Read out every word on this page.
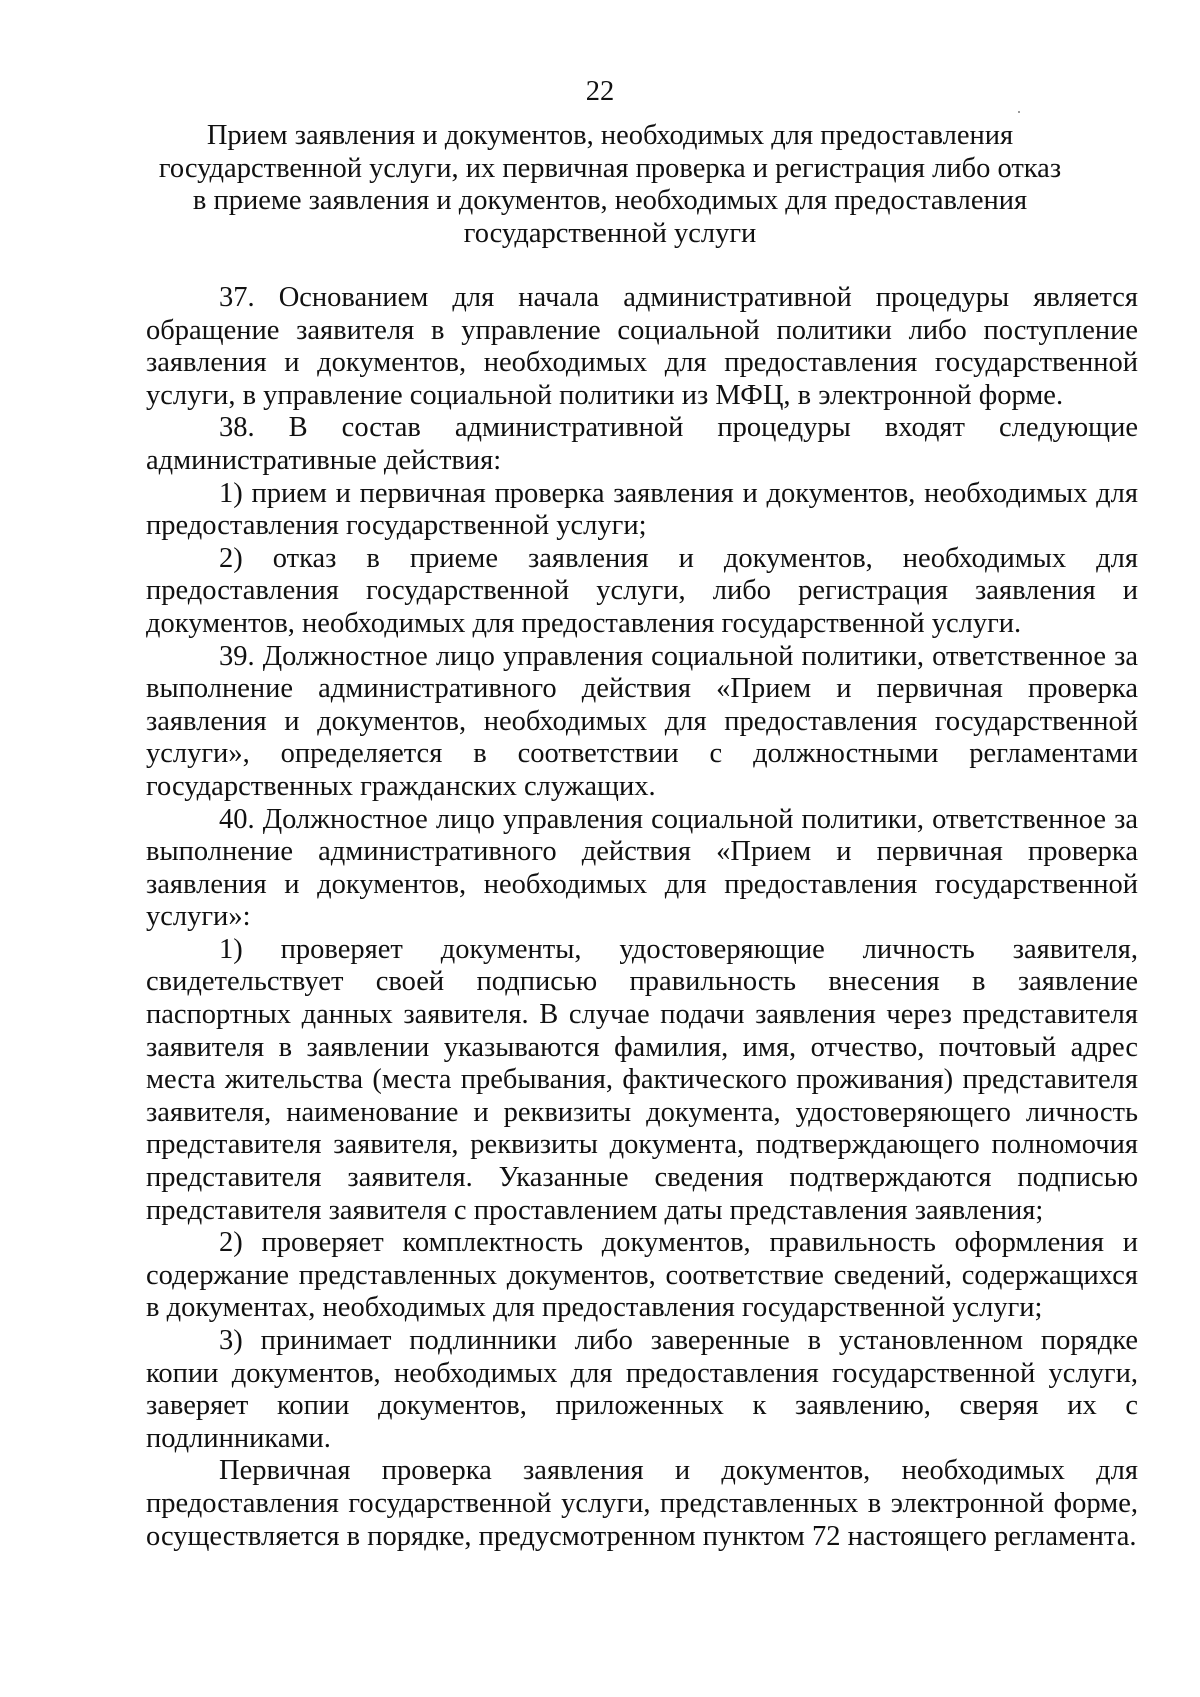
22
Прием заявления и документов, необходимых для предоставления
государственной услуги, их первичная проверка и регистрация либо отказ
в приеме заявления и документов, необходимых для предоставления
государственной услуги

37. Основанием для начала административной процедуры является обращение заявителя в управление социальной политики либо поступление заявления и документов, необходимых для предоставления государственной услуги, в управление социальной политики из МФЦ, в электронной форме.

38. В состав административной процедуры входят следующие административные действия:

1) прием и первичная проверка заявления и документов, необходимых для предоставления государственной услуги;

2) отказ в приеме заявления и документов, необходимых для предоставления государственной услуги, либо регистрация заявления и документов, необходимых для предоставления государственной услуги.

39. Должностное лицо управления социальной политики, ответственное за выполнение административного действия «Прием и первичная проверка заявления и документов, необходимых для предоставления государственной услуги», определяется в соответствии с должностными регламентами государственных гражданских служащих.

40. Должностное лицо управления социальной политики, ответственное за выполнение административного действия «Прием и первичная проверка заявления и документов, необходимых для предоставления государственной услуги»:

1) проверяет документы, удостоверяющие личность заявителя, свидетельствует своей подписью правильность внесения в заявление паспортных данных заявителя. В случае подачи заявления через представителя заявителя в заявлении указываются фамилия, имя, отчество, почтовый адрес места жительства (места пребывания, фактического проживания) представителя заявителя, наименование и реквизиты документа, удостоверяющего личность представителя заявителя, реквизиты документа, подтверждающего полномочия представителя заявителя. Указанные сведения подтверждаются подписью представителя заявителя с проставлением даты представления заявления;

2) проверяет комплектность документов, правильность оформления и содержание представленных документов, соответствие сведений, содержащихся в документах, необходимых для предоставления государственной услуги;

3) принимает подлинники либо заверенные в установленном порядке копии документов, необходимых для предоставления государственной услуги, заверяет копии документов, приложенных к заявлению, сверяя их с подлинниками.

Первичная проверка заявления и документов, необходимых для предоставления государственной услуги, представленных в электронной форме, осуществляется в порядке, предусмотренном пунктом 72 настоящего регламента.
